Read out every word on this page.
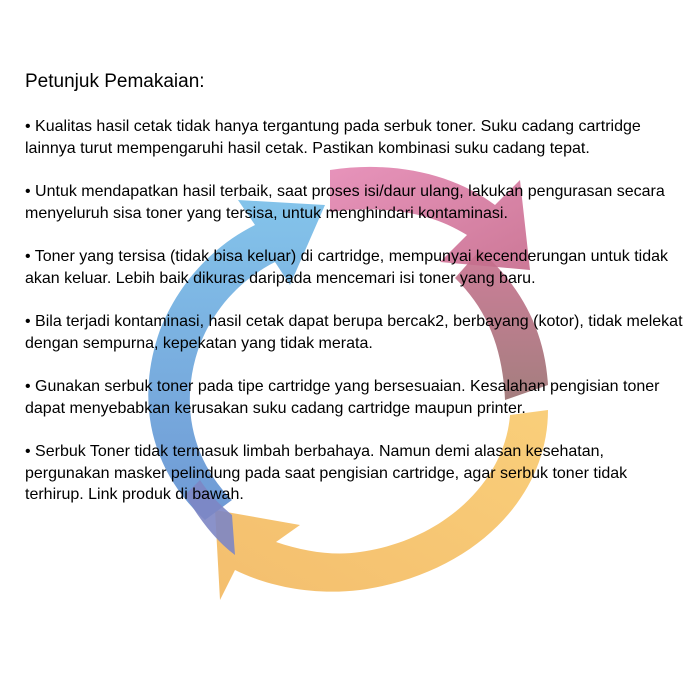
Petunjuk Pemakaian:

• Kualitas hasil cetak tidak hanya tergantung pada serbuk toner. Suku cadang cartridge lainnya turut mempengaruhi hasil cetak. Pastikan kombinasi suku cadang tepat.

• Untuk mendapatkan hasil terbaik, saat proses isi/daur ulang, lakukan pengurasan secara menyeluruh sisa toner yang tersisa, untuk menghindari kontaminasi.

• Toner yang tersisa (tidak bisa keluar) di cartridge, mempunyai kecenderungan untuk tidak akan keluar. Lebih baik dikuras daripada mencemari isi toner yang baru.

• Bila terjadi kontaminasi, hasil cetak dapat berupa bercak2, berbayang (kotor), tidak melekat dengan sempurna, kepekatan yang tidak merata.

• Gunakan serbuk toner pada tipe cartridge yang bersesuaian. Kesalahan pengisian toner dapat menyebabkan kerusakan suku cadang cartridge maupun printer.

• Serbuk Toner tidak termasuk limbah berbahaya. Namun demi alasan kesehatan, pergunakan masker pelindung pada saat pengisian cartridge, agar serbuk toner tidak terhirup. Link produk di bawah.
